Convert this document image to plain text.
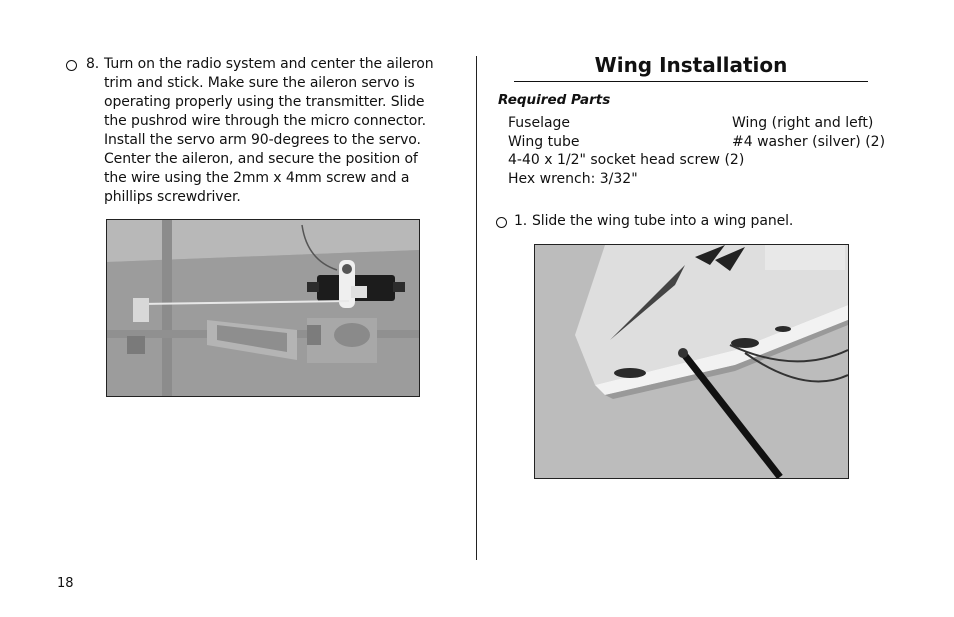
8. Turn on the radio system and center the aileron
trim and stick. Make sure the aileron servo is
operating properly using the transmitter. Slide
the pushrod wire through the micro connector.
Install the servo arm 90-degrees to the servo.
Center the aileron, and secure the position of
the wire using the 2mm x 4mm screw and a
phillips screwdriver.
Wing Installation
Required Parts
Fuselage
Wing tube
4-40 x 1/2" socket head screw (2)
Hex wrench: 3/32"
Wing (right and left)
#4 washer (silver) (2)
1. Slide the wing tube into a wing panel.
18
